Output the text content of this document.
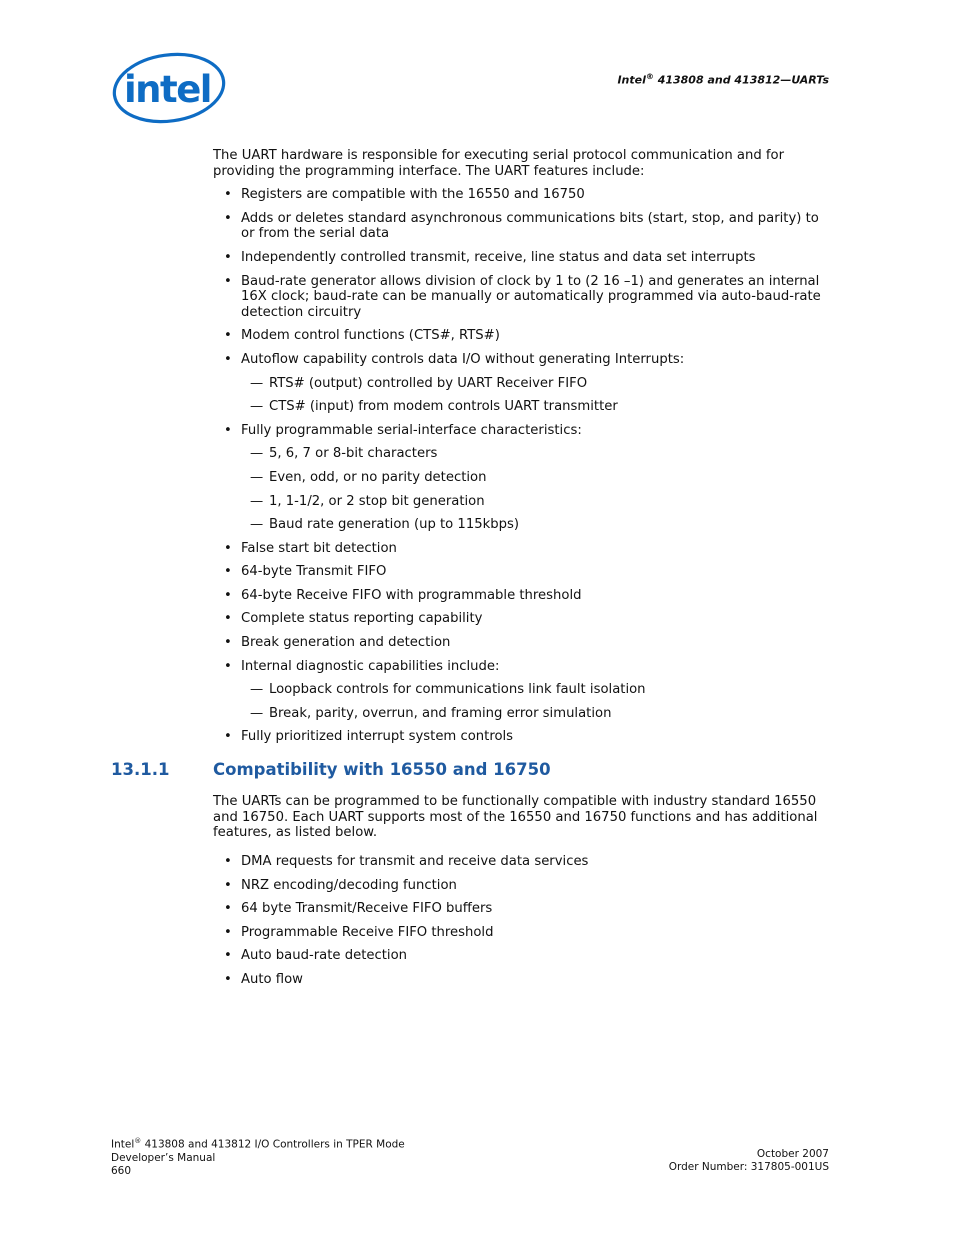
intel	Intel® 413808 and 413812—UARTs

The UART hardware is responsible for executing serial protocol communication and for providing the programming interface. The UART features include:

• Registers are compatible with the 16550 and 16750
• Adds or deletes standard asynchronous communications bits (start, stop, and parity) to or from the serial data
• Independently controlled transmit, receive, line status and data set interrupts
• Baud-rate generator allows division of clock by 1 to (2 16 –1) and generates an internal 16X clock; baud-rate can be manually or automatically programmed via auto-baud-rate detection circuitry
• Modem control functions (CTS#, RTS#)
• Autoflow capability controls data I/O without generating Interrupts:
— RTS# (output) controlled by UART Receiver FIFO
— CTS# (input) from modem controls UART transmitter
• Fully programmable serial-interface characteristics:
— 5, 6, 7 or 8-bit characters
— Even, odd, or no parity detection
— 1, 1-1/2, or 2 stop bit generation
— Baud rate generation (up to 115kbps)
• False start bit detection
• 64-byte Transmit FIFO
• 64-byte Receive FIFO with programmable threshold
• Complete status reporting capability
• Break generation and detection
• Internal diagnostic capabilities include:
— Loopback controls for communications link fault isolation
— Break, parity, overrun, and framing error simulation
• Fully prioritized interrupt system controls
13.1.1	Compatibility with 16550 and 16750

The UARTs can be programmed to be functionally compatible with industry standard 16550 and 16750. Each UART supports most of the 16550 and 16750 functions and has additional features, as listed below.

• DMA requests for transmit and receive data services
• NRZ encoding/decoding function
• 64 byte Transmit/Receive FIFO buffers
• Programmable Receive FIFO threshold
• Auto baud-rate detection
• Auto flow
Intel® 413808 and 413812 I/O Controllers in TPER Mode
Developer’s Manual
660
October 2007
Order Number: 317805-001US
